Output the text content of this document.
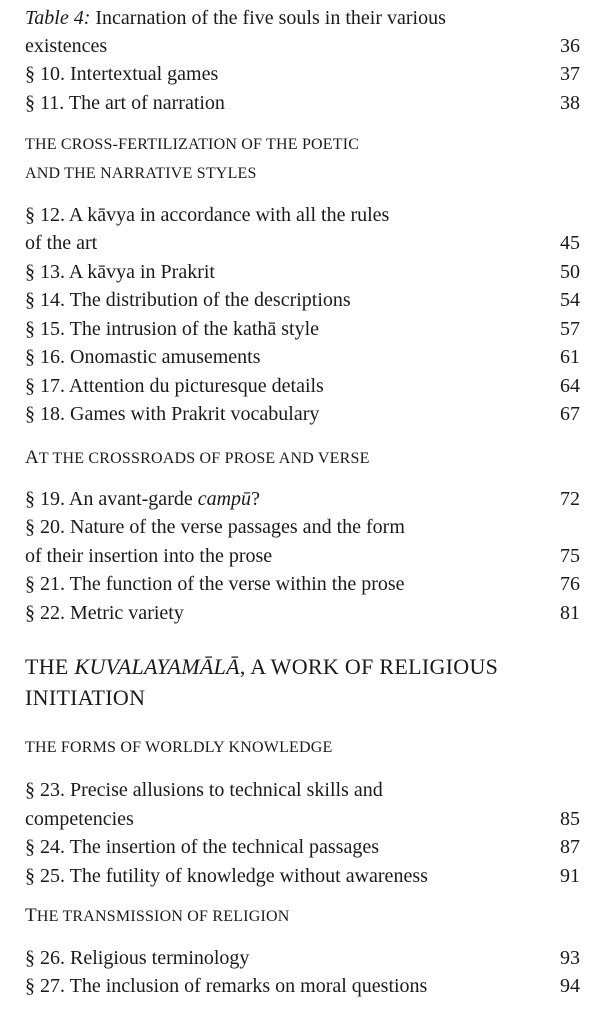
Table 4: Incarnation of the five souls in their various
existences	36
§ 10. Intertextual games	37
§ 11. The art of narration	38
THE CROSS-FERTILIZATION OF THE POETIC
AND THE NARRATIVE STYLES
§ 12. A kāvya in accordance with all the rules
of the art	45
§ 13. A kāvya in Prakrit	50
§ 14. The distribution of the descriptions	54
§ 15. The intrusion of the kathā style	57
§ 16. Onomastic amusements	61
§ 17. Attention du picturesque details	64
§ 18. Games with Prakrit vocabulary	67
AT THE CROSSROADS OF PROSE AND VERSE
§ 19. An avant-garde campū?	72
§ 20. Nature of the verse passages and the form
of their insertion into the prose	75
§ 21. The function of the verse within the prose	76
§ 22. Metric variety	81
THE KUVALAYAMĀLĀ, A WORK OF RELIGIOUS
INITIATION
THE FORMS OF WORLDLY KNOWLEDGE
§ 23. Precise allusions to technical skills and
competencies	85
§ 24. The insertion of the technical passages	87
§ 25. The futility of knowledge without awareness	91
THE TRANSMISSION OF RELIGION
§ 26. Religious terminology	93
§ 27. The inclusion of remarks on moral questions	94
